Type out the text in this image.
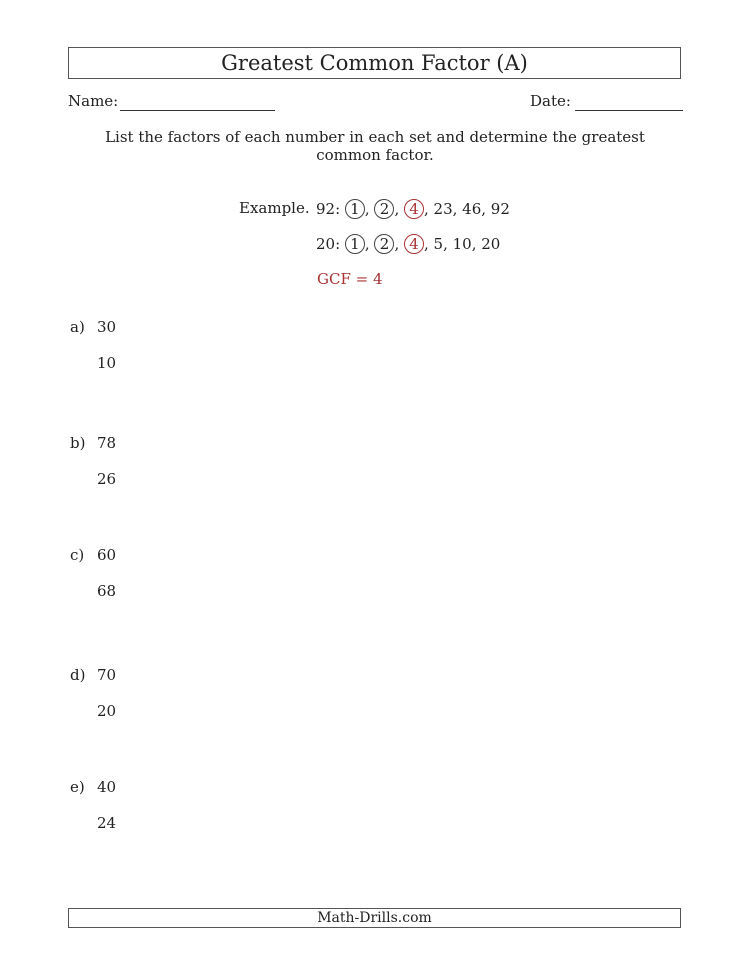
Greatest Common Factor (A)
Name:	Date:
List the factors of each number in each set and determine the greatest common factor.
Example. 92: 1 , 2 , 4 , 23, 46, 92
20: 1 , 2 , 4 , 5, 10, 20
GCF = 4
a) 30
10
b) 78
26
c) 60
68
d) 70
20
e) 40
24
Math-Drills.com
